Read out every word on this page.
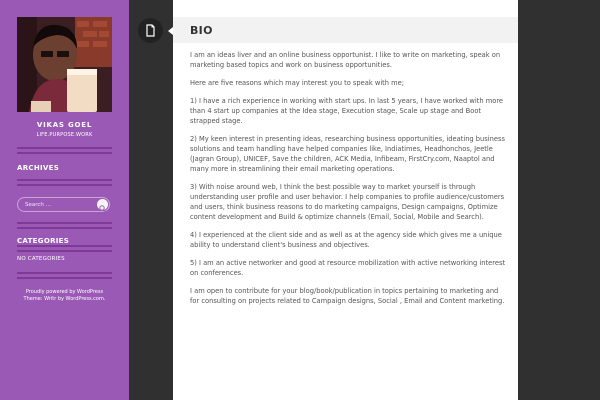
VIKAS GOEL
LIFE.PURPOSE.WORK
ARCHIVES
Search …
CATEGORIES
NO CATEGORIES
Proudly powered by WordPress
Theme: Writr by WordPress.com.
BIO

I am an ideas liver and an online business opportunist. I like to write on marketing, speak on marketing based topics and work on business opportunities.

Here are five reasons which may interest you to speak with me;

1) I have a rich experience in working with start ups. In last 5 years, I have worked with more than 4 start up companies at the Idea stage, Execution stage, Scale up stage and Boot strapped stage.

2) My keen interest in presenting ideas, researching business opportunities, ideating business solutions and team handling have helped companies like, Indiatimes, Headhonchos, Jeetle (Jagran Group), UNICEF, Save the children, ACK Media, Infibeam, FirstCry.com, Naaptol and many more in streamlining their email marketing operations.

3) With noise around web, I think the best possible way to market yourself is through understanding user profile and user behavior. I help companies to profile audience/customers and users, think business reasons to do marketing campaigns, Design campaigns, Optimize content development and Build & optimize channels (Email, Social, Mobile and Search).

4) I experienced at the client side and as well as at the agency side which gives me a unique ability to understand client's business and objectives.

5) I am an active networker and good at resource mobilization with active networking interest on conferences.

I am open to contribute for your blog/book/publication in topics pertaining to marketing and for consulting on projects related to Campaign designs, Social , Email and Content marketing.
